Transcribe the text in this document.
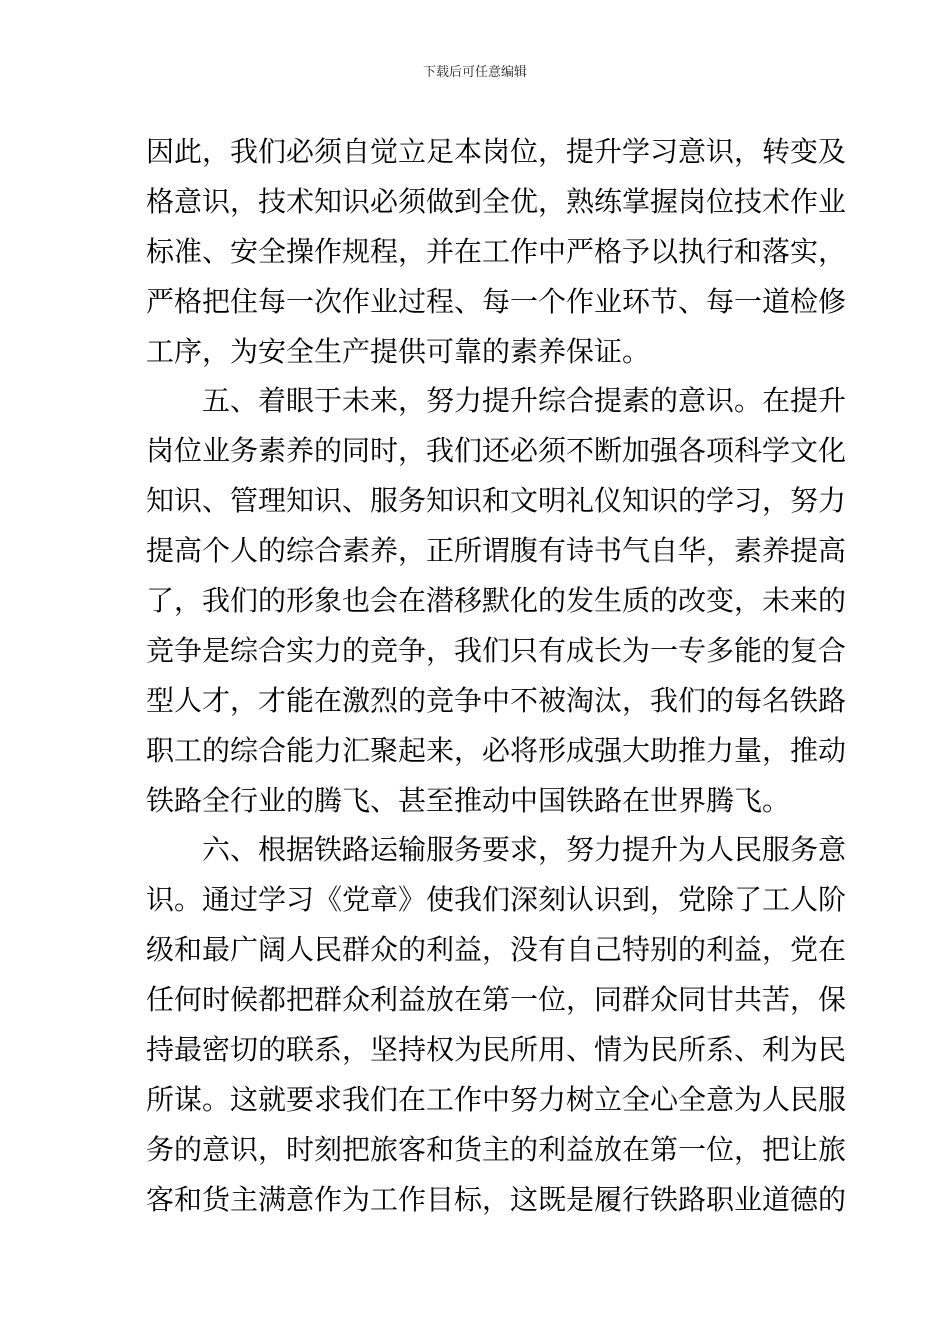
下载后可任意编辑
因此，我们必须自觉立足本岗位，提升学习意识，转变及
格意识，技术知识必须做到全优，熟练掌握岗位技术作业
标准、安全操作规程，并在工作中严格予以执行和落实，
严格把住每一次作业过程、每一个作业环节、每一道检修
工序，为安全生产提供可靠的素养保证。
五、着眼于未来，努力提升综合提素的意识。在提升
岗位业务素养的同时，我们还必须不断加强各项科学文化
知识、管理知识、服务知识和文明礼仪知识的学习，努力
提高个人的综合素养，正所谓腹有诗书气自华，素养提高
了，我们的形象也会在潜移默化的发生质的改变，未来的
竞争是综合实力的竞争，我们只有成长为一专多能的复合
型人才，才能在激烈的竞争中不被淘汰，我们的每名铁路
职工的综合能力汇聚起来，必将形成强大助推力量，推动
铁路全行业的腾飞、甚至推动中国铁路在世界腾飞。
六、根据铁路运输服务要求，努力提升为人民服务意
识。通过学习《党章》使我们深刻认识到，党除了工人阶
级和最广阔人民群众的利益，没有自己特别的利益，党在
任何时候都把群众利益放在第一位，同群众同甘共苦，保
持最密切的联系，坚持权为民所用、情为民所系、利为民
所谋。这就要求我们在工作中努力树立全心全意为人民服
务的意识，时刻把旅客和货主的利益放在第一位，把让旅
客和货主满意作为工作目标，这既是履行铁路职业道德的
